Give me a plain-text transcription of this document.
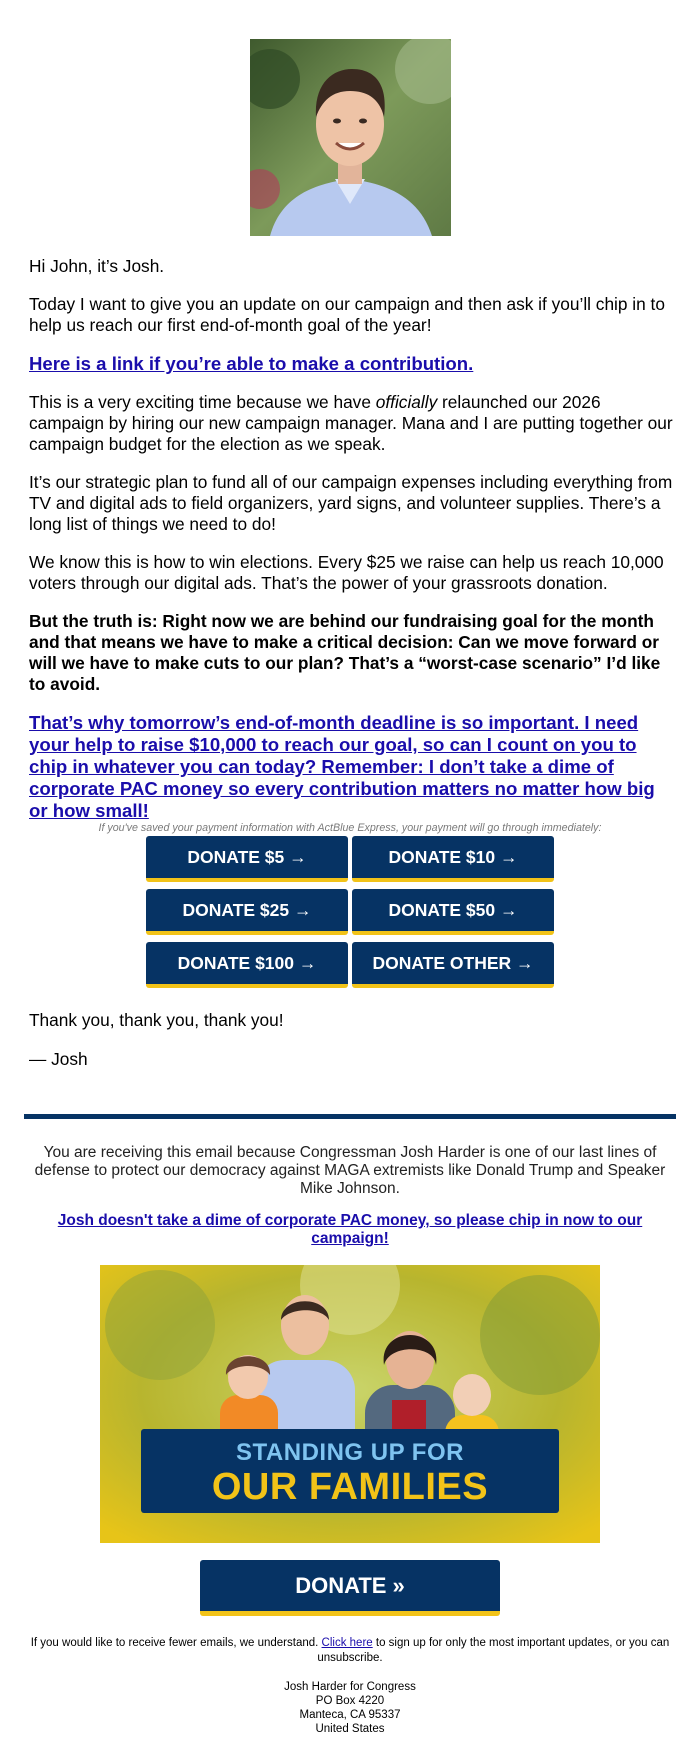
Hi John, it’s Josh.

Today I want to give you an update on our campaign and then ask if you’ll chip in to help us reach our first end-of-month goal of the year!

Here is a link if you’re able to make a contribution.

This is a very exciting time because we have officially relaunched our 2026 campaign by hiring our new campaign manager. Mana and I are putting together our campaign budget for the election as we speak.

It’s our strategic plan to fund all of our campaign expenses including everything from TV and digital ads to field organizers, yard signs, and volunteer supplies. There’s a long list of things we need to do!

We know this is how to win elections. Every $25 we raise can help us reach 10,000 voters through our digital ads. That’s the power of your grassroots donation.

But the truth is: Right now we are behind our fundraising goal for the month and that means we have to make a critical decision: Can we move forward or will we have to make cuts to our plan? That’s a “worst-case scenario” I’d like to avoid.

That’s why tomorrow’s end-of-month deadline is so important. I need your help to raise $10,000 to reach our goal, so can I count on you to chip in whatever you can today? Remember: I don’t take a dime of corporate PAC money so every contribution matters no matter how big or how small!

If you've saved your payment information with ActBlue Express, your payment will go through immediately:
DONATE $5 →	DONATE $10 →
DONATE $25 →	DONATE $50 →
DONATE $100 →	DONATE OTHER →
Thank you, thank you, thank you!
— Josh
You are receiving this email because Congressman Josh Harder is one of our last lines of defense to protect our democracy against MAGA extremists like Donald Trump and Speaker Mike Johnson.
Josh doesn't take a dime of corporate PAC money, so please chip in now to our campaign!
STANDING UP FOR
OUR FAMILIES
DONATE »
If you would like to receive fewer emails, we understand. Click here to sign up for only the most important updates, or you can unsubscribe.
Josh Harder for Congress
PO Box 4220
Manteca, CA 95337
United States
